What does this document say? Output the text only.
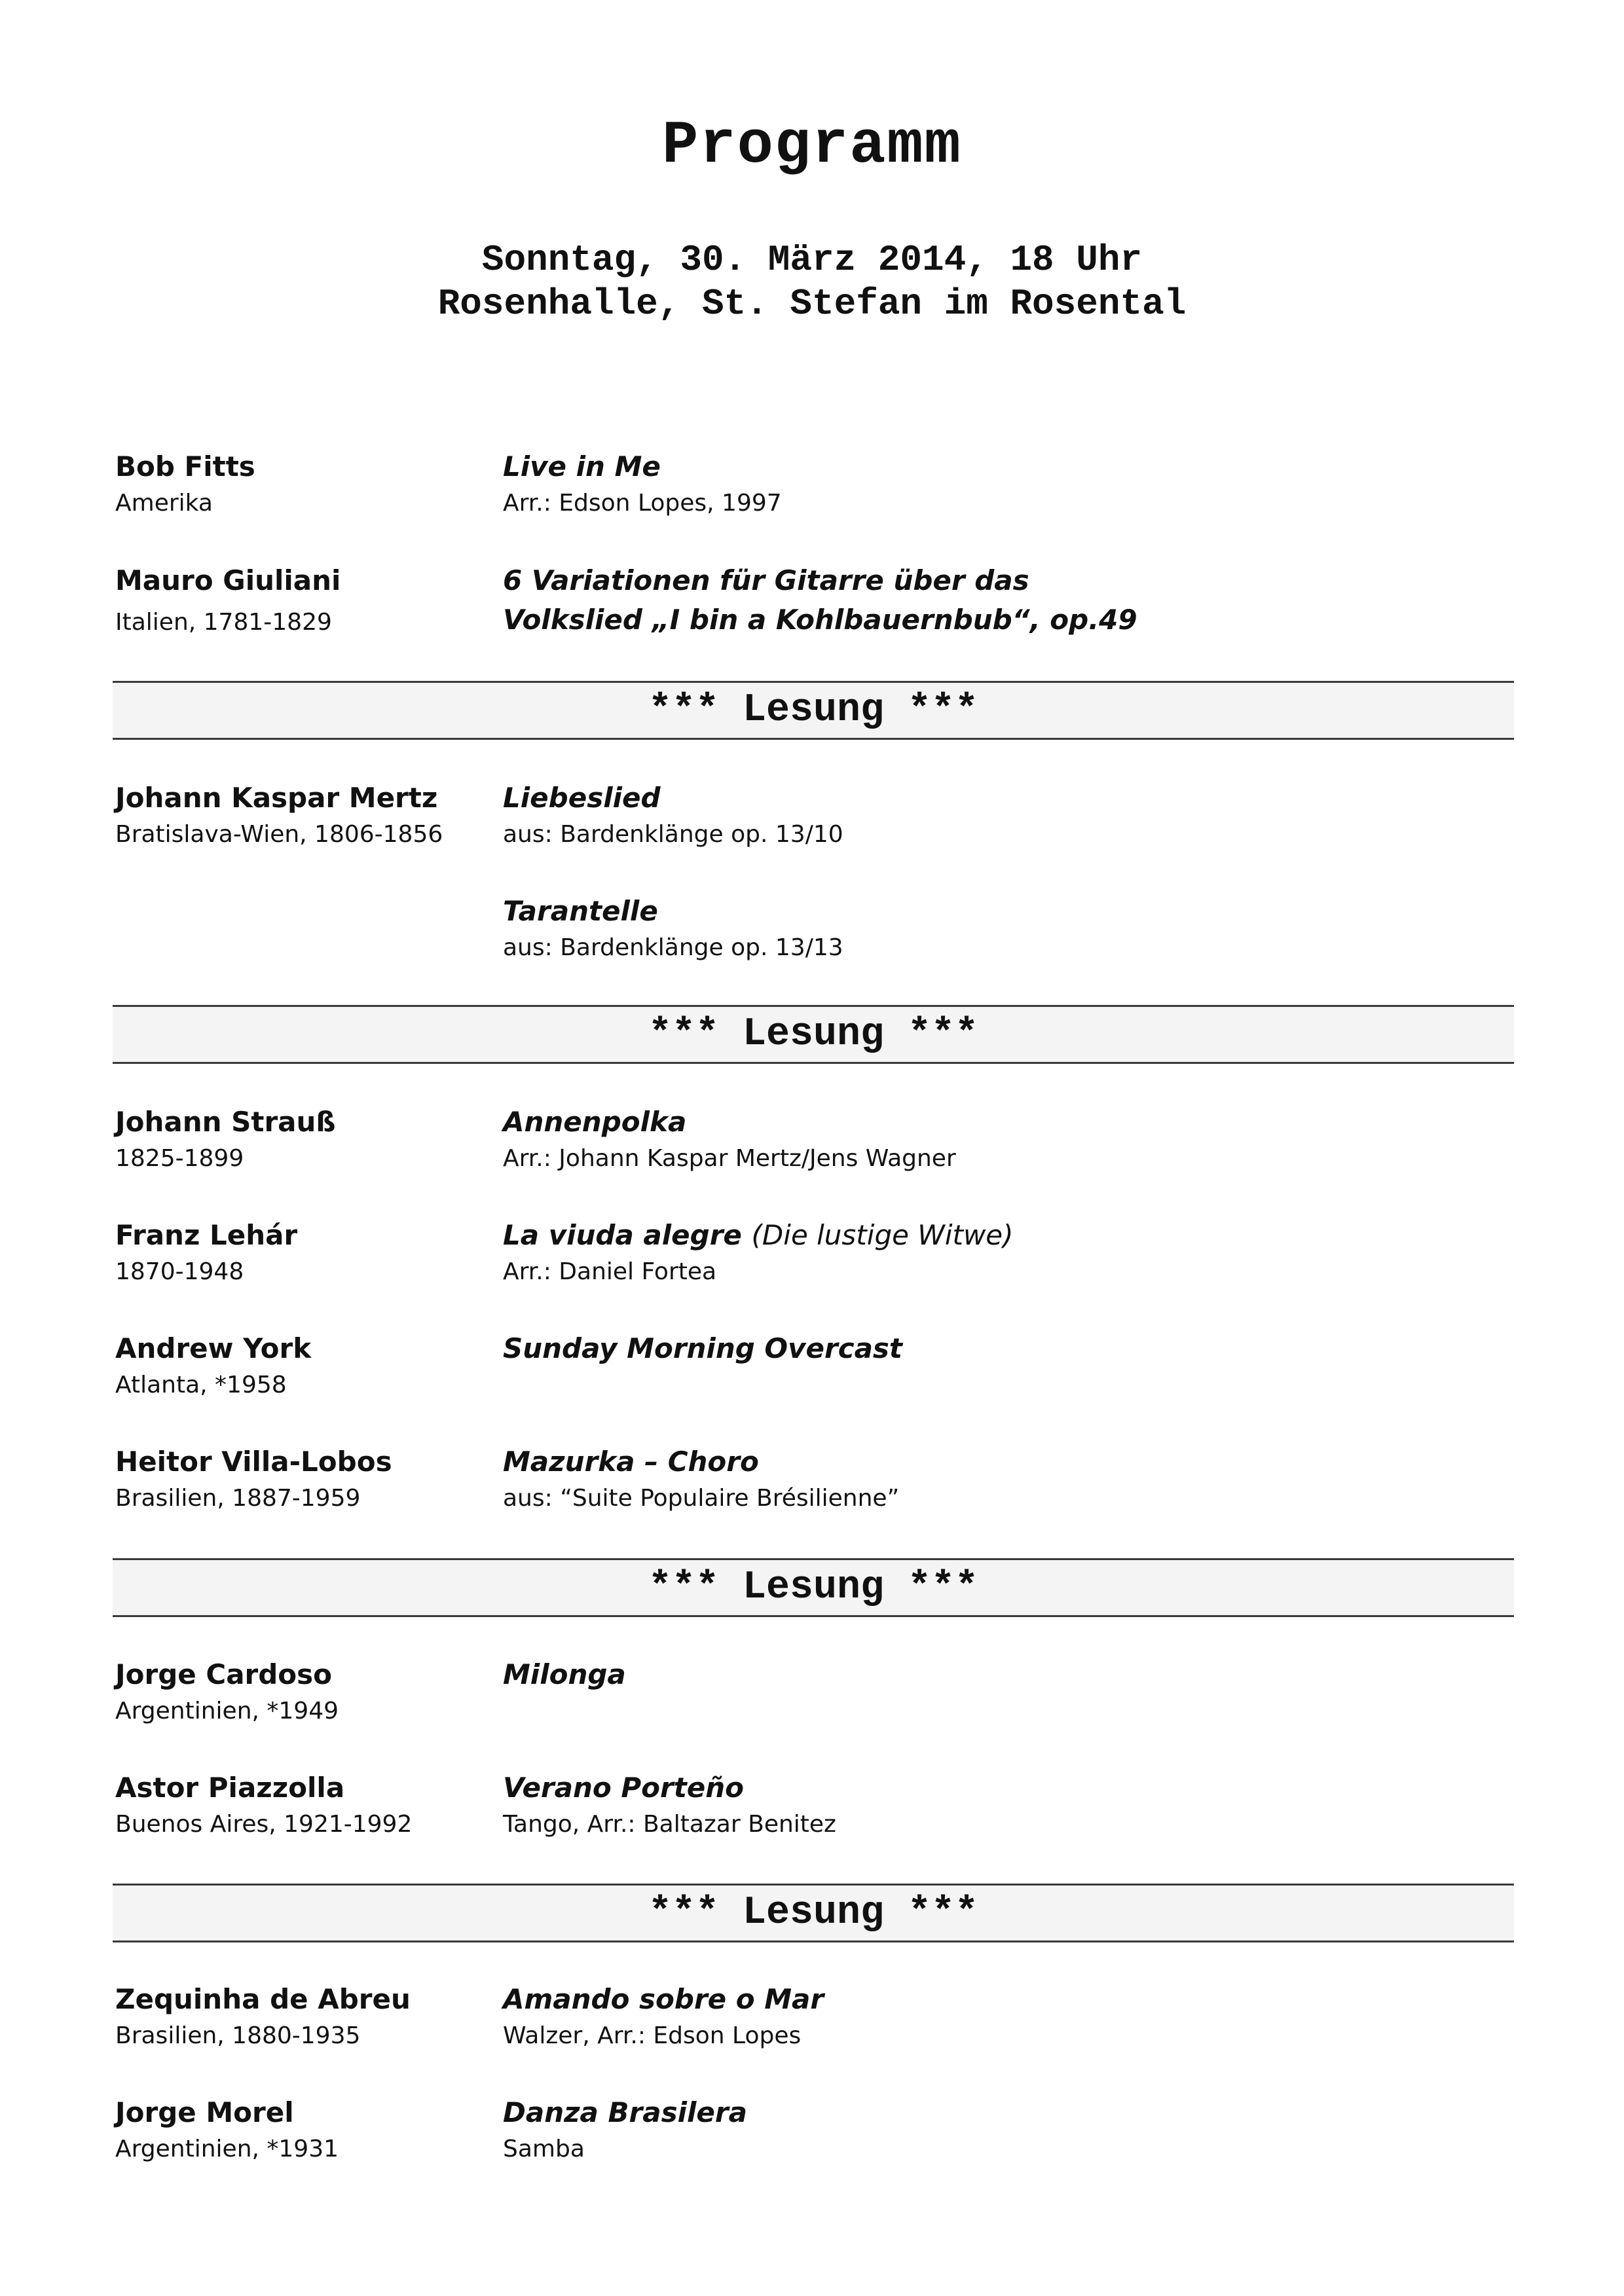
Programm
Sonntag, 30. März 2014, 18 Uhr
Rosenhalle, St. Stefan im Rosental
Bob Fitts
Amerika
Live in Me
Arr.: Edson Lopes, 1997
Mauro Giuliani
Italien, 1781-1829
6 Variationen für Gitarre über das
Volkslied „I bin a Kohlbauernbub“, op.49
*** Lesung ***
Johann Kaspar Mertz
Bratislava-Wien, 1806-1856
Liebeslied
aus: Bardenklänge op. 13/10
Tarantelle
aus: Bardenklänge op. 13/13
*** Lesung ***
Johann Strauß
1825-1899
Annenpolka
Arr.: Johann Kaspar Mertz/Jens Wagner
Franz Lehár
1870-1948
La viuda alegre (Die lustige Witwe)
Arr.: Daniel Fortea
Andrew York
Atlanta, *1958
Sunday Morning Overcast
Heitor Villa-Lobos
Brasilien, 1887-1959
Mazurka – Choro
aus: “Suite Populaire Brésilienne”
*** Lesung ***
Jorge Cardoso
Argentinien, *1949
Milonga
Astor Piazzolla
Buenos Aires, 1921-1992
Verano Porteño
Tango, Arr.: Baltazar Benitez
*** Lesung ***
Zequinha de Abreu
Brasilien, 1880-1935
Amando sobre o Mar
Walzer, Arr.: Edson Lopes
Jorge Morel
Argentinien, *1931
Danza Brasilera
Samba
